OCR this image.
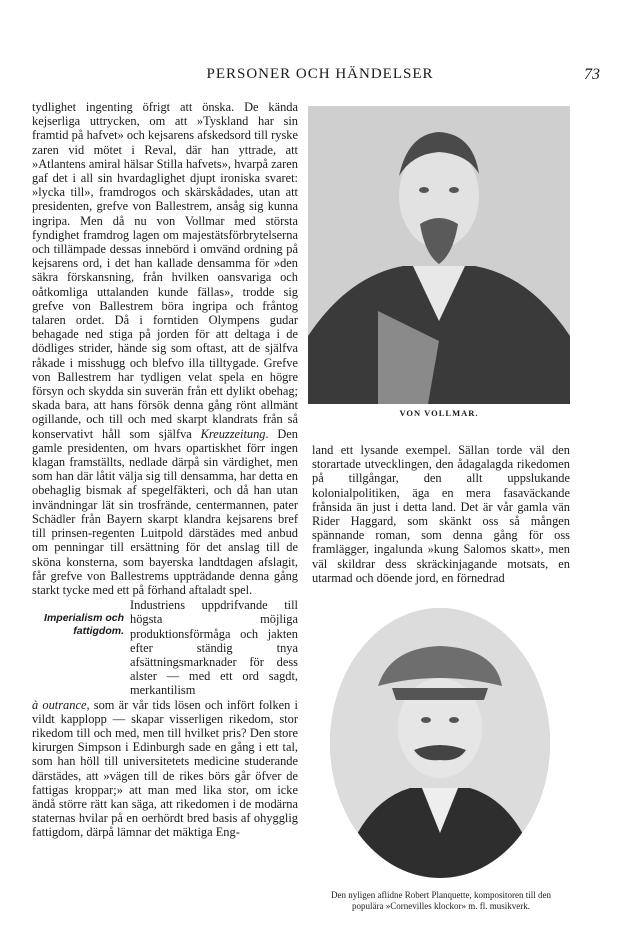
PERSONER OCH HÄNDELSER	73

tydlighet ingenting öfrigt att önska. De kända kejserliga uttrycken, om att »Tyskland har sin framtid på hafvet» och kejsarens afskedsord till ryske zaren vid mötet i Reval, där han yttrade, att »Atlantens amiral hälsar Stilla hafvets», hvarpå zaren gaf det i all sin hvardaglighet djupt ironiska svaret: »lycka till», framdrogos och skärskådades, utan att presidenten, grefve von Ballestrem, ansåg sig kunna ingripa. Men då nu von Vollmar med största fyndighet framdrog lagen om majestätsförbrytelserna och tillämpade dessas innebörd i omvänd ordning på kejsarens ord, i det han kallade densamma för »den säkra förskansning, från hvilken oansvariga och oåtkomliga uttalanden kunde fällas», trodde sig grefve von Ballestrem böra ingripa och fråntog talaren ordet. Då i forntiden Olympens gudar behagade ned stiga på jorden för att deltaga i de dödliges strider, hände sig som oftast, att de själfva råkade i misshugg och blefvo illa tilltygade. Grefve von Ballestrem har tydligen velat spela en högre försyn och skydda sin suverän från ett dylikt obehag; skada bara, att hans försök denna gång rönt allmänt ogillande, och till och med skarpt klandrats från så konservativt håll som själfva Kreuzzeitung. Den gamle presidenten, om hvars opartiskhet förr ingen klagan framställts, nedlade därpå sin värdighet, men som han där låtit välja sig till densamma, har detta en obehaglig bismak af spegelfäkteri, och då han utan invändningar lät sin trosfrände, centermannen, pater Schädler från Bayern skarpt klandra kejsarens bref till prinsen-regenten Luitpold därstädes med anbud om penningar till ersättning för det anslag till de sköna konsterna, som bayerska landtdagen afslagit, får grefve von Ballestrems uppträdande denna gång starkt tycke med ett på förhand aftaladt spel.

Imperialism och fattigdom.
Industriens uppdrifvande till högsta möjliga produktionsförmåga och jakten efter ständig tnya afsättningsmarknader för dess alster — med ett ord sagdt, merkantilism

à outrance, som är vår tids lösen och infört folken i vildt kapplopp — skapar visserligen rikedom, stor rikedom till och med, men till hvilket pris? Den store kirurgen Simpson i Edinburgh sade en gång i ett tal, som han höll till universitetets medicine studerande därstädes, att »vägen till de rikes börs går öfver de fattigas kroppar;» att man med lika stor, om icke ändå större rätt kan säga, att rikedomen i de modärna staternas hvilar på en oerhördt bred basis af ohygglig fattigdom, därpå lämnar det mäktiga Eng-

VON VOLLMAR.
land ett lysande exempel. Sällan torde väl den storartade utvecklingen, den ådagalagda rikedomen på tillgångar, den allt uppslukande kolonialpolitiken, äga en mera fasaväckande frånsida än just i detta land. Det är vår gamla vän Rider Haggard, som skänkt oss så mången spännande roman, som denna gång för oss framlägger, ingalunda »kung Salomos skatt», men väl skildrar dess skräckinjagande motsats, en utarmad och döende jord, en förnedrad
Den nyligen aflidne Robert Planquette, kompositoren till den populära »Cornevilles klockor» m. fl. musikverk.
